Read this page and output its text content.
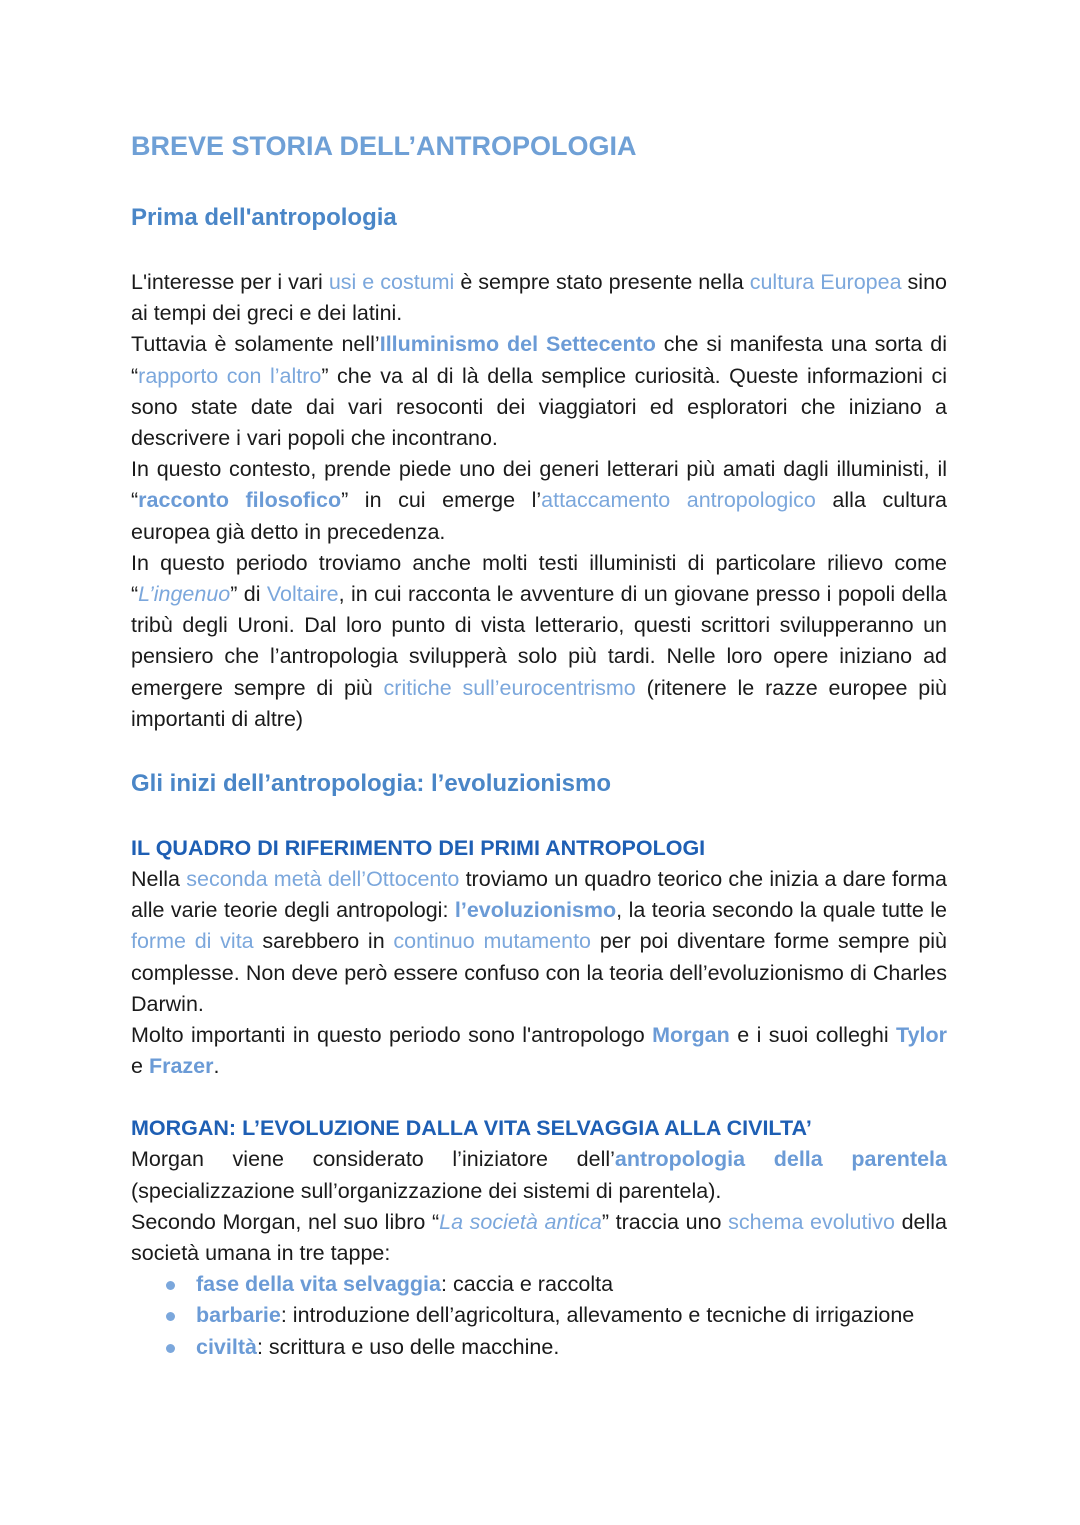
BREVE STORIA DELL’ANTROPOLOGIA
Prima dell'antropologia

L'interesse per i vari usi e costumi è sempre stato presente nella cultura Europea sino ai tempi dei greci e dei latini.

Tuttavia è solamente nell’Illuminismo del Settecento che si manifesta una sorta di “rapporto con l’altro” che va al di là della semplice curiosità. Queste informazioni ci sono state date dai vari resoconti dei viaggiatori ed esploratori che iniziano a descrivere i vari popoli che incontrano.

In questo contesto, prende piede uno dei generi letterari più amati dagli illuministi, il “racconto filosofico” in cui emerge l’attaccamento antropologico alla cultura europea già detto in precedenza.

In questo periodo troviamo anche molti testi illuministi di particolare rilievo come “L’ingenuo” di Voltaire, in cui racconta le avventure di un giovane presso i popoli della tribù degli Uroni. Dal loro punto di vista letterario, questi scrittori svilupperanno un pensiero che l’antropologia svilupperà solo più tardi. Nelle loro opere iniziano ad emergere sempre di più critiche sull’eurocentrismo (ritenere le razze europee più importanti di altre)

Gli inizi dell’antropologia: l’evoluzionismo
IL QUADRO DI RIFERIMENTO DEI PRIMI ANTROPOLOGI

Nella seconda metà dell’Ottocento troviamo un quadro teorico che inizia a dare forma alle varie teorie degli antropologi: l’evoluzionismo, la teoria secondo la quale tutte le forme di vita sarebbero in continuo mutamento per poi diventare forme sempre più complesse. Non deve però essere confuso con la teoria dell’evoluzionismo di Charles Darwin.

Molto importanti in questo periodo sono l'antropologo Morgan e i suoi colleghi Tylor e Frazer.

MORGAN: L’EVOLUZIONE DALLA VITA SELVAGGIA ALLA CIVILTA’

Morgan viene considerato l’iniziatore dell’antropologia della parentela (specializzazione sull’organizzazione dei sistemi di parentela).

Secondo Morgan, nel suo libro “La società antica” traccia uno schema evolutivo della società umana in tre tappe:

fase della vita selvaggia: caccia e raccolta
barbarie: introduzione dell’agricoltura, allevamento e tecniche di irrigazione
civiltà: scrittura e uso delle macchine.
